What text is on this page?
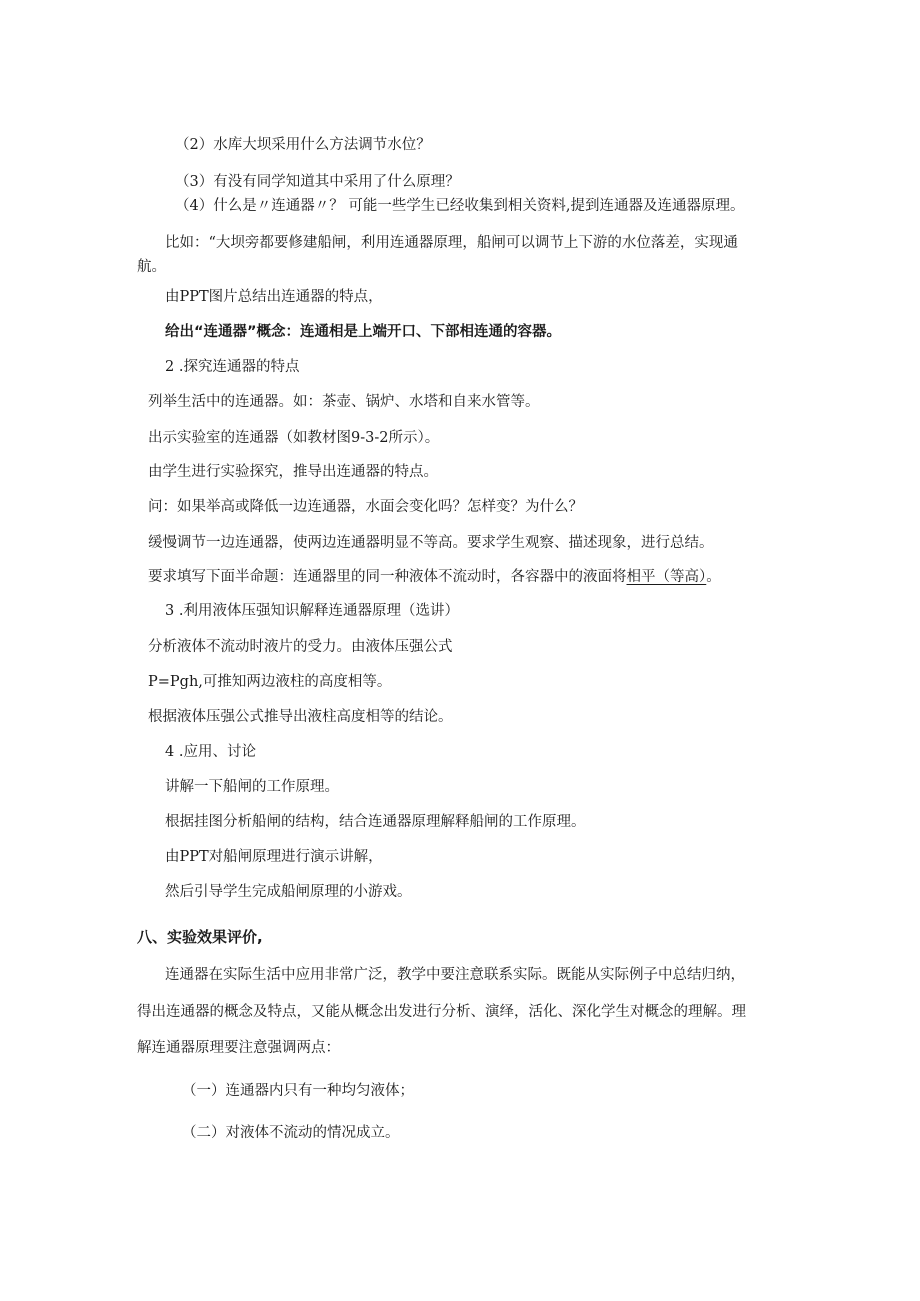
（2）水库大坝采用什么方法调节水位？
（3）有没有同学知道其中采用了什么原理？
（4）什么是〃连通器〃？ 可能一些学生已经收集到相关资料,提到连通器及连通器原理。
比如：“大坝旁都要修建船闸，利用连通器原理，船闸可以调节上下游的水位落差，实现通
航。
由PPT图片总结出连通器的特点，
给出“连通器”概念：连通相是上端开口、下部相连通的容器。
2 .探究连通器的特点
列举生活中的连通器。如：茶壶、锅炉、水塔和自来水管等。
出示实验室的连通器（如教材图9-3-2所示）。
由学生进行实验探究，推导出连通器的特点。
问：如果举高或降低一边连通器，水面会变化吗？怎样变？为什么？
缓慢调节一边连通器，使两边连通器明显不等高。要求学生观察、描述现象，进行总结。
要求填写下面半命题：连通器里的同一种液体不流动时，各容器中的液面将相平（等高）。
3 .利用液体压强知识解释连通器原理（选讲）
分析液体不流动时液片的受力。由液体压强公式
P=Pgh,可推知两边液柱的高度相等。
根据液体压强公式推导出液柱高度相等的结论。
4 .应用、讨论
讲解一下船闸的工作原理。
根据挂图分析船闸的结构，结合连通器原理解释船闸的工作原理。
由PPT对船闸原理进行演示讲解，
然后引导学生完成船闸原理的小游戏。
八、实验效果评价,
连通器在实际生活中应用非常广泛，教学中要注意联系实际。既能从实际例子中总结归纳，
得出连通器的概念及特点，又能从概念出发进行分析、演绎，活化、深化学生对概念的理解。理
解连通器原理要注意强调两点：
（一）连通器内只有一种均匀液体；
（二）对液体不流动的情况成立。
